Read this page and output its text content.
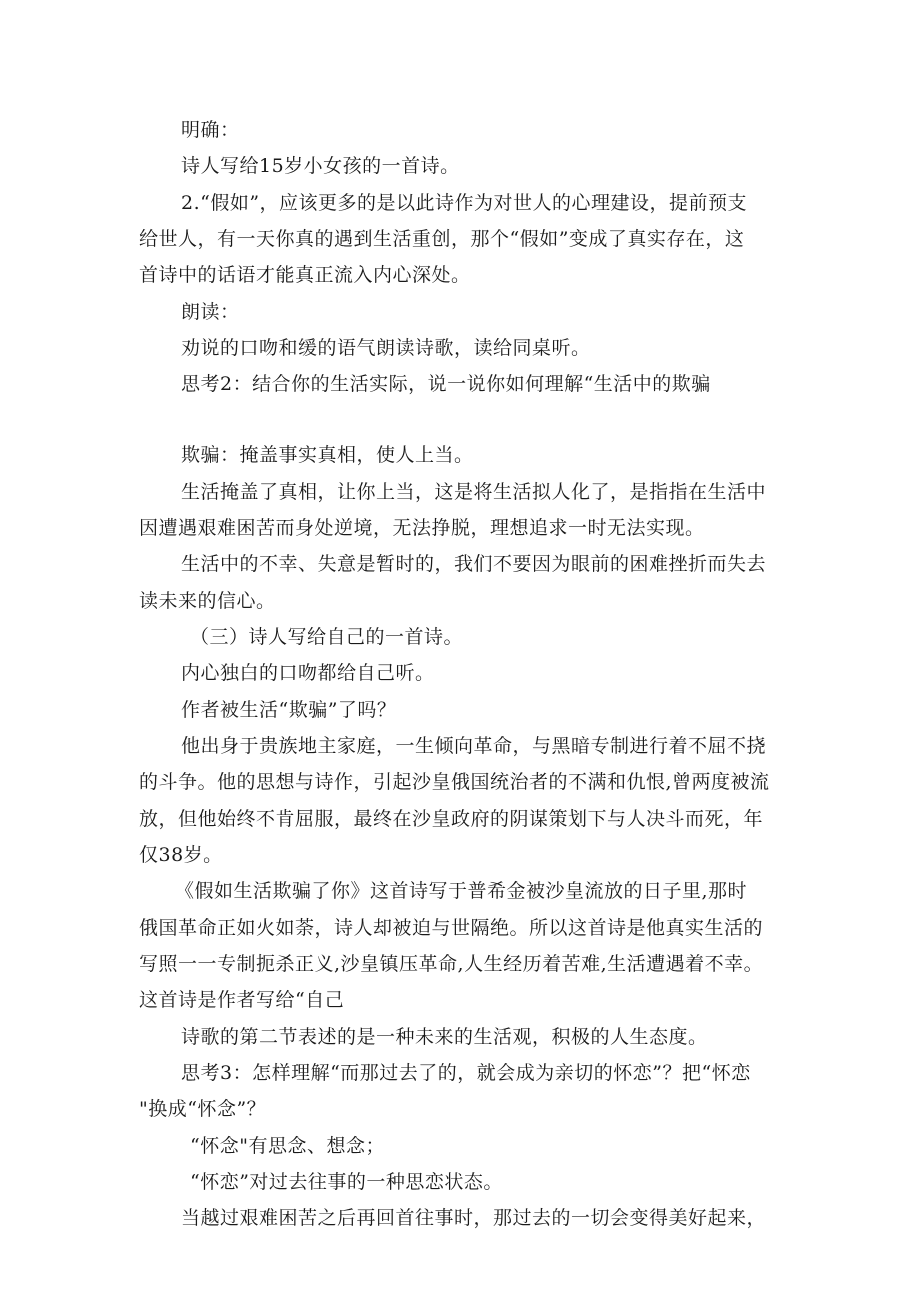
明确：
诗人写给15岁小女孩的一首诗。
2.“假如”，应该更多的是以此诗作为对世人的心理建设，提前预支
给世人，有一天你真的遇到生活重创，那个“假如”变成了真实存在，这
首诗中的话语才能真正流入内心深处。
朗读：
劝说的口吻和缓的语气朗读诗歌，读给同桌听。
思考2：结合你的生活实际，说一说你如何理解“生活中的欺骗
欺骗：掩盖事实真相，使人上当。
生活掩盖了真相，让你上当，这是将生活拟人化了，是指指在生活中
因遭遇艰难困苦而身处逆境，无法挣脱，理想追求一时无法实现。
生活中的不幸、失意是暂时的，我们不要因为眼前的困难挫折而失去
读未来的信心。
（三）诗人写给自己的一首诗。
内心独白的口吻都给自己听。
作者被生活“欺骗”了吗？
他出身于贵族地主家庭，一生倾向革命，与黑暗专制进行着不屈不挠
的斗争。他的思想与诗作，引起沙皇俄国统治者的不满和仇恨,曾两度被流
放，但他始终不肯屈服，最终在沙皇政府的阴谋策划下与人决斗而死，年
仅38岁。
《假如生活欺骗了你》这首诗写于普希金被沙皇流放的日子里,那时
俄国革命正如火如荼，诗人却被迫与世隔绝。所以这首诗是他真实生活的
写照一一专制扼杀正义,沙皇镇压革命,人生经历着苦难,生活遭遇着不幸。
这首诗是作者写给“自己
诗歌的第二节表述的是一种未来的生活观，积极的人生态度。
思考3：怎样理解“而那过去了的，就会成为亲切的怀恋”？把“怀恋
"换成“怀念”？
“怀念"有思念、想念；
“怀恋”对过去往事的一种思恋状态。
当越过艰难困苦之后再回首往事时，那过去的一切会变得美好起来，
